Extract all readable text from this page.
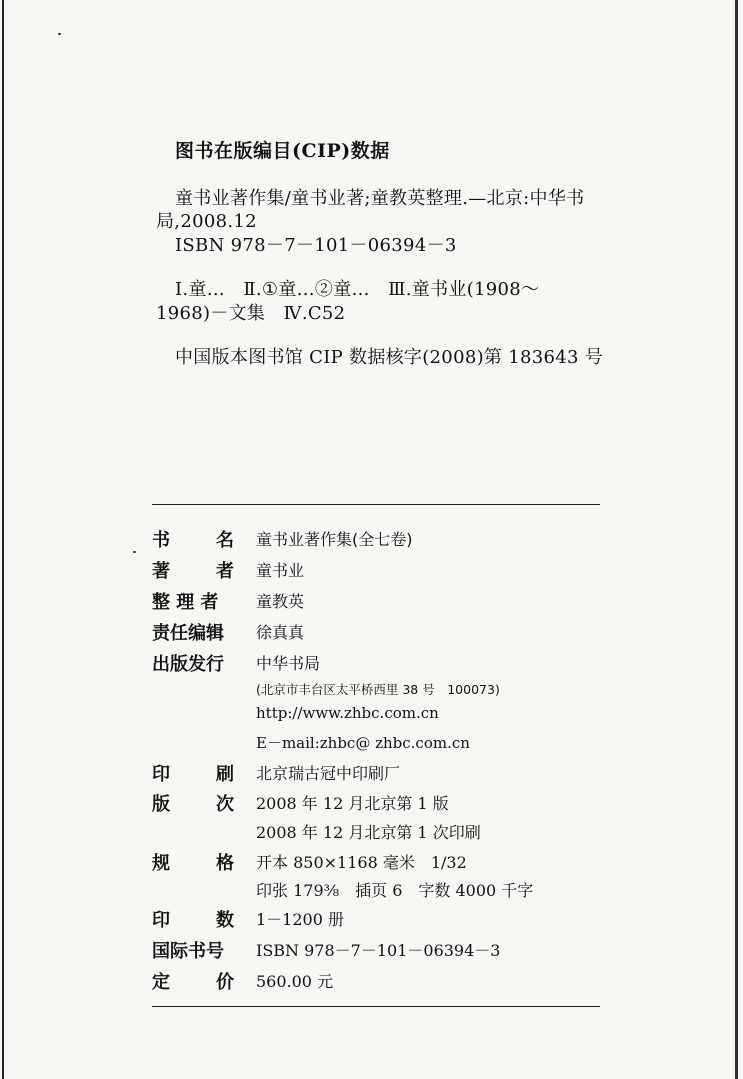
图书在版编目(CIP)数据
童书业著作集/童书业著;童教英整理.—北京:中华书
局,2008.12
ISBN 978－7－101－06394－3
Ⅰ.童…　Ⅱ.①童…②童…　Ⅲ.童书业(1908～
1968)－文集　Ⅳ.C52
中国版本图书馆 CIP 数据核字(2008)第 183643 号
书	名 童书业著作集(全七卷)
著	者 童书业
整 理 者	童教英
责任编辑	徐真真
出版发行	中华书局
(北京市丰台区太平桥西里 38 号　100073)
http://www.zhbc.com.cn
E－mail:zhbc@ zhbc.com.cn
印	刷 北京瑞古冠中印刷厂
版	次 2008 年 12 月北京第 1 版
2008 年 12 月北京第 1 次印刷
规	格 开本 850×1168 毫米　1/32
印张 179⅜　插页 6　字数 4000 千字
印	数 1－1200 册
国际书号	ISBN 978－7－101－06394－3
定	价 560.00 元
